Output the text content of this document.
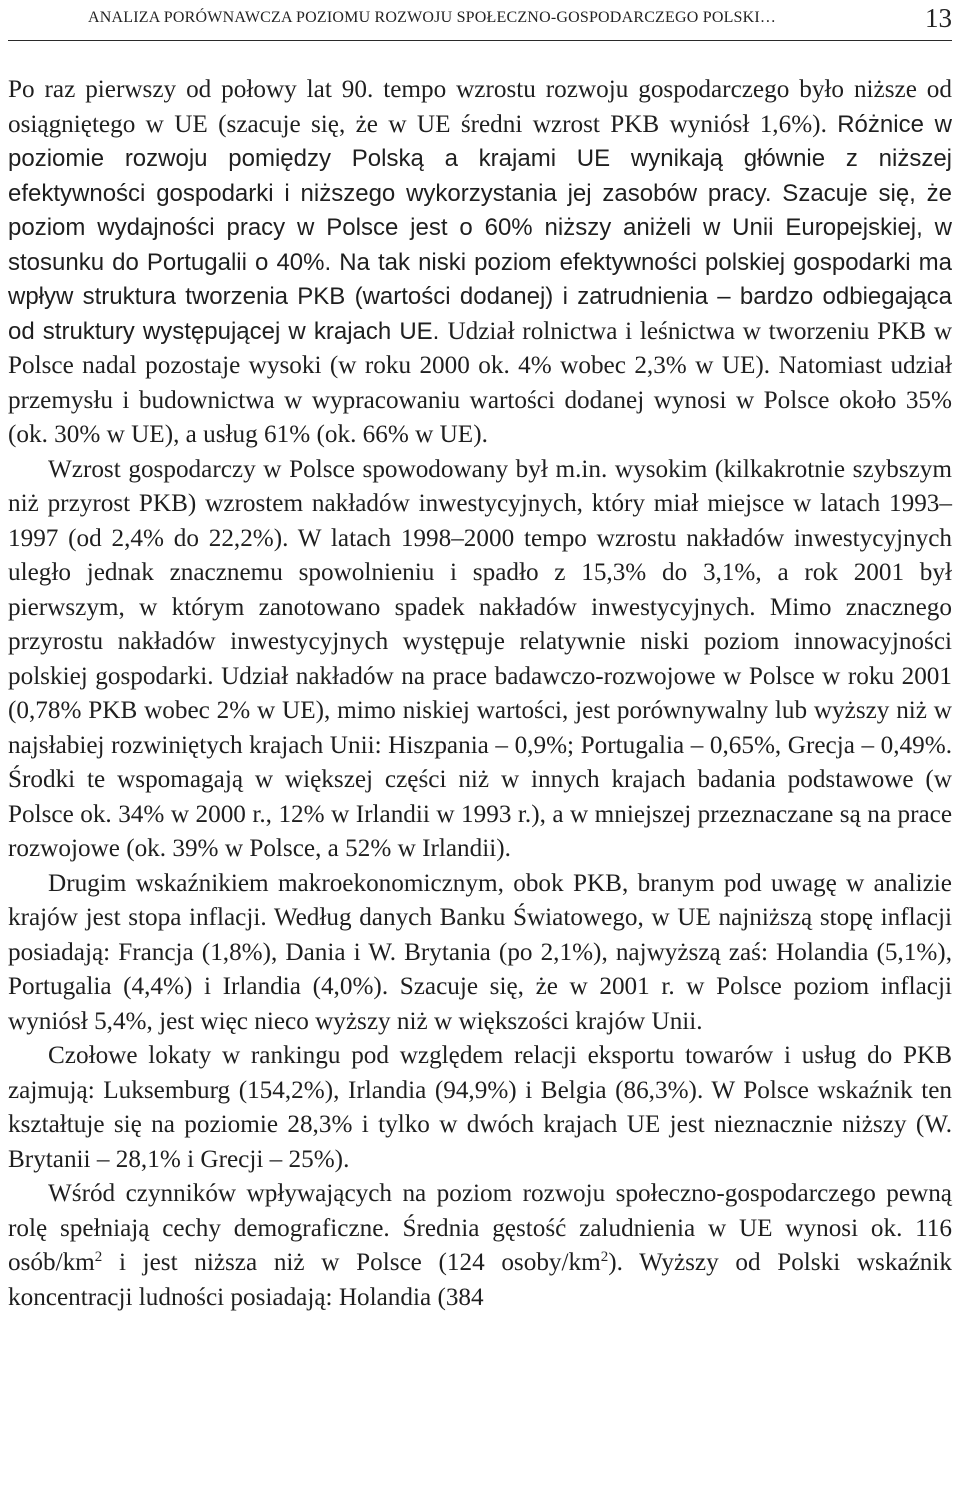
ANALIZA PORÓWNAWCZA POZIOMU ROZWOJU SPOŁECZNO-GOSPODARCZEGO POLSKI…	13

Po raz pierwszy od połowy lat 90. tempo wzrostu rozwoju gospodarczego było niższe od osiągniętego w UE (szacuje się, że w UE średni wzrost PKB wyniósł 1,6%). Różnice w poziomie rozwoju pomiędzy Polską a krajami UE wynikają głównie z niższej efektywności gospodarki i niższego wykorzystania jej zasobów pracy. Szacuje się, że poziom wydajności pracy w Polsce jest o 60% niższy aniżeli w Unii Europejskiej, w stosunku do Portugalii o 40%. Na tak niski poziom efektywności polskiej gospodarki ma wpływ struktura tworzenia PKB (wartości dodanej) i zatrudnienia – bardzo odbiegająca od struktury występującej w krajach UE. Udział rolnictwa i leśnictwa w tworzeniu PKB w Polsce nadal pozostaje wysoki (w roku 2000 ok. 4% wobec 2,3% w UE). Natomiast udział przemysłu i budownictwa w wypracowaniu wartości dodanej wynosi w Polsce około 35% (ok. 30% w UE), a usług 61% (ok. 66% w UE).

Wzrost gospodarczy w Polsce spowodowany był m.in. wysokim (kilkakrotnie szybszym niż przyrost PKB) wzrostem nakładów inwestycyjnych, który miał miejsce w latach 1993–1997 (od 2,4% do 22,2%). W latach 1998–2000 tempo wzrostu nakładów inwestycyjnych uległo jednak znacznemu spowolnieniu i spadło z 15,3% do 3,1%, a rok 2001 był pierwszym, w którym zanotowano spadek nakładów inwestycyjnych. Mimo znacznego przyrostu nakładów inwestycyjnych występuje relatywnie niski poziom innowacyjności polskiej gospodarki. Udział nakładów na prace badawczo-rozwojowe w Polsce w roku 2001 (0,78% PKB wobec 2% w UE), mimo niskiej wartości, jest porównywalny lub wyższy niż w najsłabiej rozwiniętych krajach Unii: Hiszpania – 0,9%; Portugalia – 0,65%, Grecja – 0,49%. Środki te wspomagają w większej części niż w innych krajach badania podstawowe (w Polsce ok. 34% w 2000 r., 12% w Irlandii w 1993 r.), a w mniejszej przeznaczane są na prace rozwojowe (ok. 39% w Polsce, a 52% w Irlandii).

Drugim wskaźnikiem makroekonomicznym, obok PKB, branym pod uwagę w analizie krajów jest stopa inflacji. Według danych Banku Światowego, w UE najniższą stopę inflacji posiadają: Francja (1,8%), Dania i W. Brytania (po 2,1%), najwyższą zaś: Holandia (5,1%), Portugalia (4,4%) i Irlandia (4,0%). Szacuje się, że w 2001 r. w Polsce poziom inflacji wyniósł 5,4%, jest więc nieco wyższy niż w większości krajów Unii.

Czołowe lokaty w rankingu pod względem relacji eksportu towarów i usług do PKB zajmują: Luksemburg (154,2%), Irlandia (94,9%) i Belgia (86,3%). W Polsce wskaźnik ten kształtuje się na poziomie 28,3% i tylko w dwóch krajach UE jest nieznacznie niższy (W. Brytanii – 28,1% i Grecji – 25%).

Wśród czynników wpływających na poziom rozwoju społeczno-gospodarczego pewną rolę spełniają cechy demograficzne. Średnia gęstość zaludnienia w UE wynosi ok. 116 osób/$km^2$ i jest niższa niż w Polsce (124 osoby/$km^2$). Wyższy od Polski wskaźnik koncentracji ludności posiadają: Holandia (384
